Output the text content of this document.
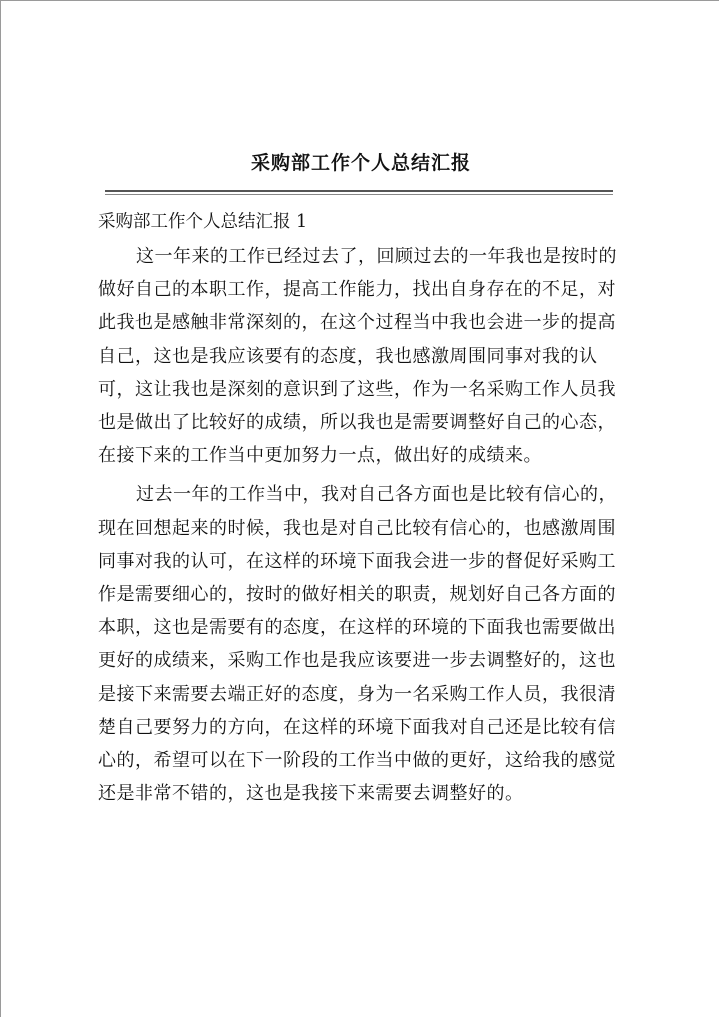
采购部工作个人总结汇报
采购部工作个人总结汇报 1
这一年来的工作已经过去了，回顾过去的一年我也是按时的
做好自己的本职工作，提高工作能力，找出自身存在的不足，对
此我也是感触非常深刻的，在这个过程当中我也会进一步的提高
自己，这也是我应该要有的态度，我也感激周围同事对我的认
可，这让我也是深刻的意识到了这些，作为一名采购工作人员我
也是做出了比较好的成绩，所以我也是需要调整好自己的心态，
在接下来的工作当中更加努力一点，做出好的成绩来。
过去一年的工作当中，我对自己各方面也是比较有信心的，
现在回想起来的时候，我也是对自己比较有信心的，也感激周围
同事对我的认可，在这样的环境下面我会进一步的督促好采购工
作是需要细心的，按时的做好相关的职责，规划好自己各方面的
本职，这也是需要有的态度，在这样的环境的下面我也需要做出
更好的成绩来，采购工作也是我应该要进一步去调整好的，这也
是接下来需要去端正好的态度，身为一名采购工作人员，我很清
楚自己要努力的方向，在这样的环境下面我对自己还是比较有信
心的，希望可以在下一阶段的工作当中做的更好，这给我的感觉
还是非常不错的，这也是我接下来需要去调整好的。
